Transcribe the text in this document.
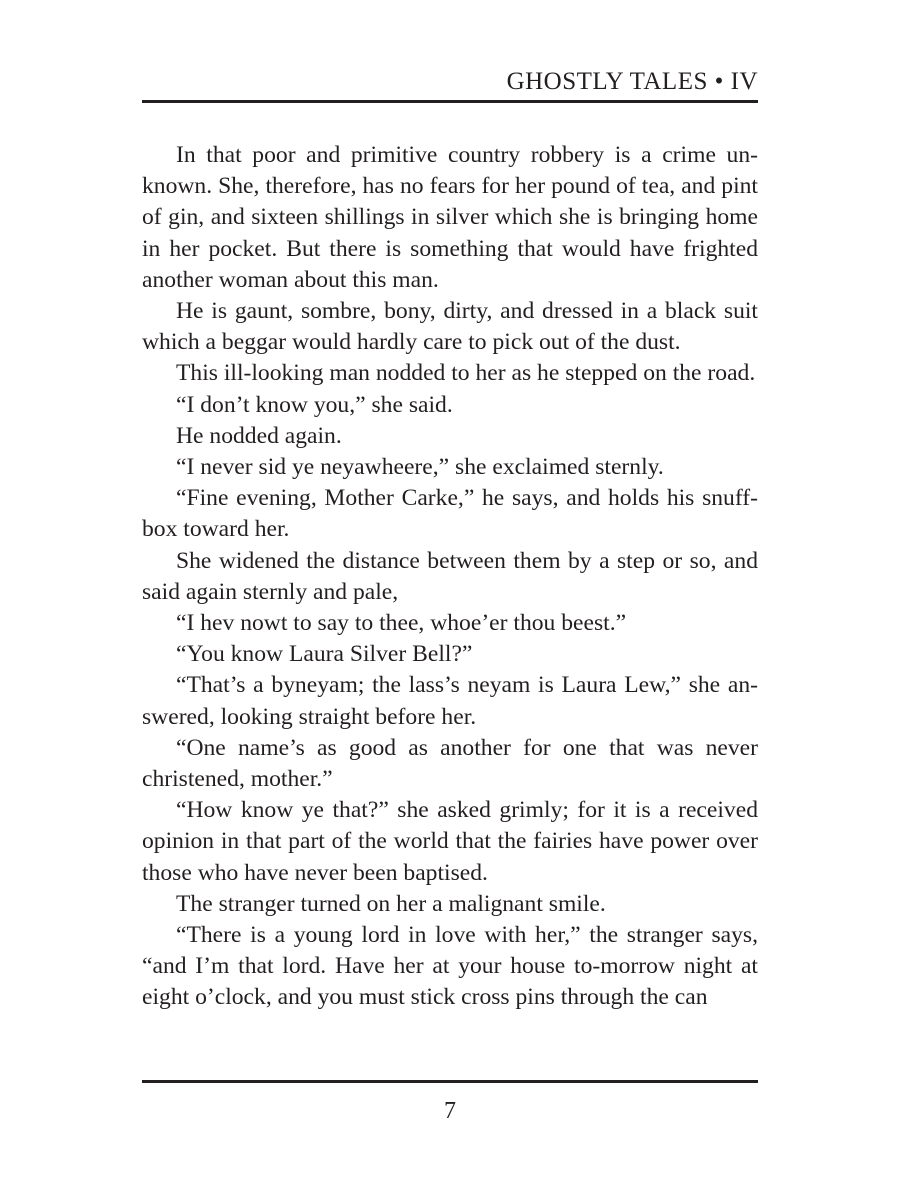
GHOSTLY TALES • IV

In that poor and primitive country robbery is a crime unknown. She, therefore, has no fears for her pound of tea, and pint of gin, and sixteen shillings in silver which she is bringing home in her pocket. But there is something that would have frighted another woman about this man.

He is gaunt, sombre, bony, dirty, and dressed in a black suit which a beggar would hardly care to pick out of the dust.

This ill-looking man nodded to her as he stepped on the road.

“I don’t know you,” she said.

He nodded again.

“I never sid ye neyawheere,” she exclaimed sternly.

“Fine evening, Mother Carke,” he says, and holds his snuffbox toward her.

She widened the distance between them by a step or so, and said again sternly and pale,

“I hev nowt to say to thee, whoe’er thou beest.”

“You know Laura Silver Bell?”

“That’s a byneyam; the lass’s neyam is Laura Lew,” she answered, looking straight before her.

“One name’s as good as another for one that was never christened, mother.”

“How know ye that?” she asked grimly; for it is a received opinion in that part of the world that the fairies have power over those who have never been baptised.

The stranger turned on her a malignant smile.

“There is a young lord in love with her,” the stranger says, “and I’m that lord. Have her at your house to-morrow night at eight o’clock, and you must stick cross pins through the can

7
